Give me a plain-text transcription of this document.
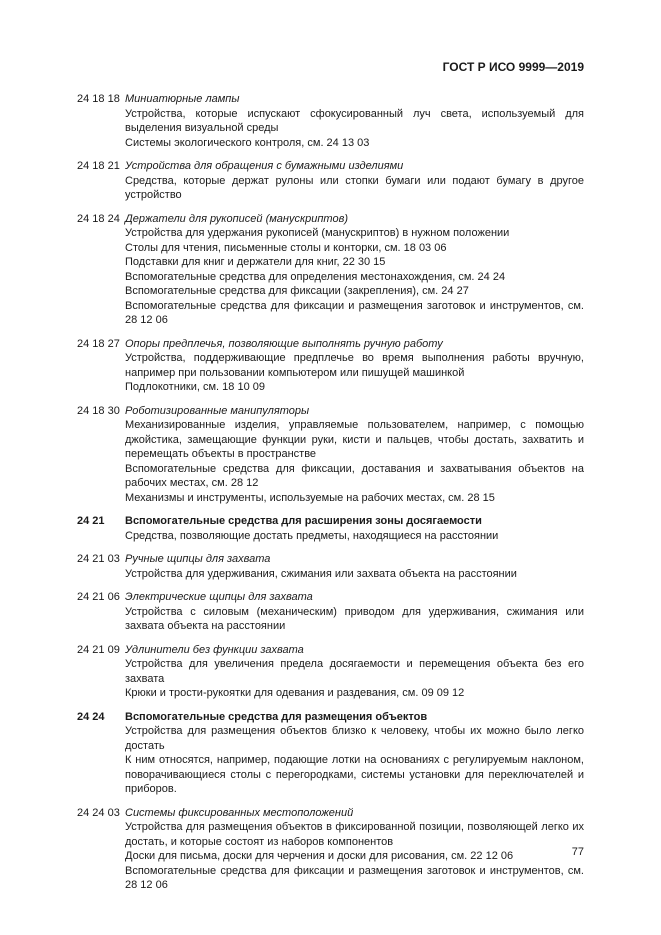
ГОСТ Р ИСО 9999—2019
24 18 18 Миниатюрные лампы
Устройства, которые испускают сфокусированный луч света, используемый для выделения визуальной среды
Системы экологического контроля, см. 24 13 03
24 18 21 Устройства для обращения с бумажными изделиями
Средства, которые держат рулоны или стопки бумаги или подают бумагу в другое устройство
24 18 24 Держатели для рукописей (манускриптов)
Устройства для удержания рукописей (манускриптов) в нужном положении
Столы для чтения, письменные столы и конторки, см. 18 03 06
Подставки для книг и держатели для книг, 22 30 15
Вспомогательные средства для определения местонахождения, см. 24 24
Вспомогательные средства для фиксации (закрепления), см. 24 27
Вспомогательные средства для фиксации и размещения заготовок и инструментов, см. 28 12 06
24 18 27 Опоры предплечья, позволяющие выполнять ручную работу
Устройства, поддерживающие предплечье во время выполнения работы вручную, например при пользовании компьютером или пишущей машинкой
Подлокотники, см. 18 10 09
24 18 30 Роботизированные манипуляторы
Механизированные изделия, управляемые пользователем, например, с помощью джойстика, замещающие функции руки, кисти и пальцев, чтобы достать, захватить и перемещать объекты в пространстве
Вспомогательные средства для фиксации, доставания и захватывания объектов на рабочих местах, см. 28 12
Механизмы и инструменты, используемые на рабочих местах, см. 28 15
24 21	Вспомогательные средства для расширения зоны досягаемости
Средства, позволяющие достать предметы, находящиеся на расстоянии
24 21 03 Ручные щипцы для захвата
Устройства для удерживания, сжимания или захвата объекта на расстоянии
24 21 06 Электрические щипцы для захвата
Устройства с силовым (механическим) приводом для удерживания, сжимания или захвата объекта на расстоянии
24 21 09 Удлинители без функции захвата
Устройства для увеличения предела досягаемости и перемещения объекта без его захвата
Крюки и трости-рукоятки для одевания и раздевания, см. 09 09 12
24 24	Вспомогательные средства для размещения объектов
Устройства для размещения объектов близко к человеку, чтобы их можно было легко достать
К ним относятся, например, подающие лотки на основаниях с регулируемым наклоном, поворачивающиеся столы с перегородками, системы установки для переключателей и приборов.
24 24 03 Системы фиксированных местоположений
Устройства для размещения объектов в фиксированной позиции, позволяющей легко их достать, и которые состоят из наборов компонентов
Доски для письма, доски для черчения и доски для рисования, см. 22 12 06
Вспомогательные средства для фиксации и размещения заготовок и инструментов, см. 28 12 06
77
